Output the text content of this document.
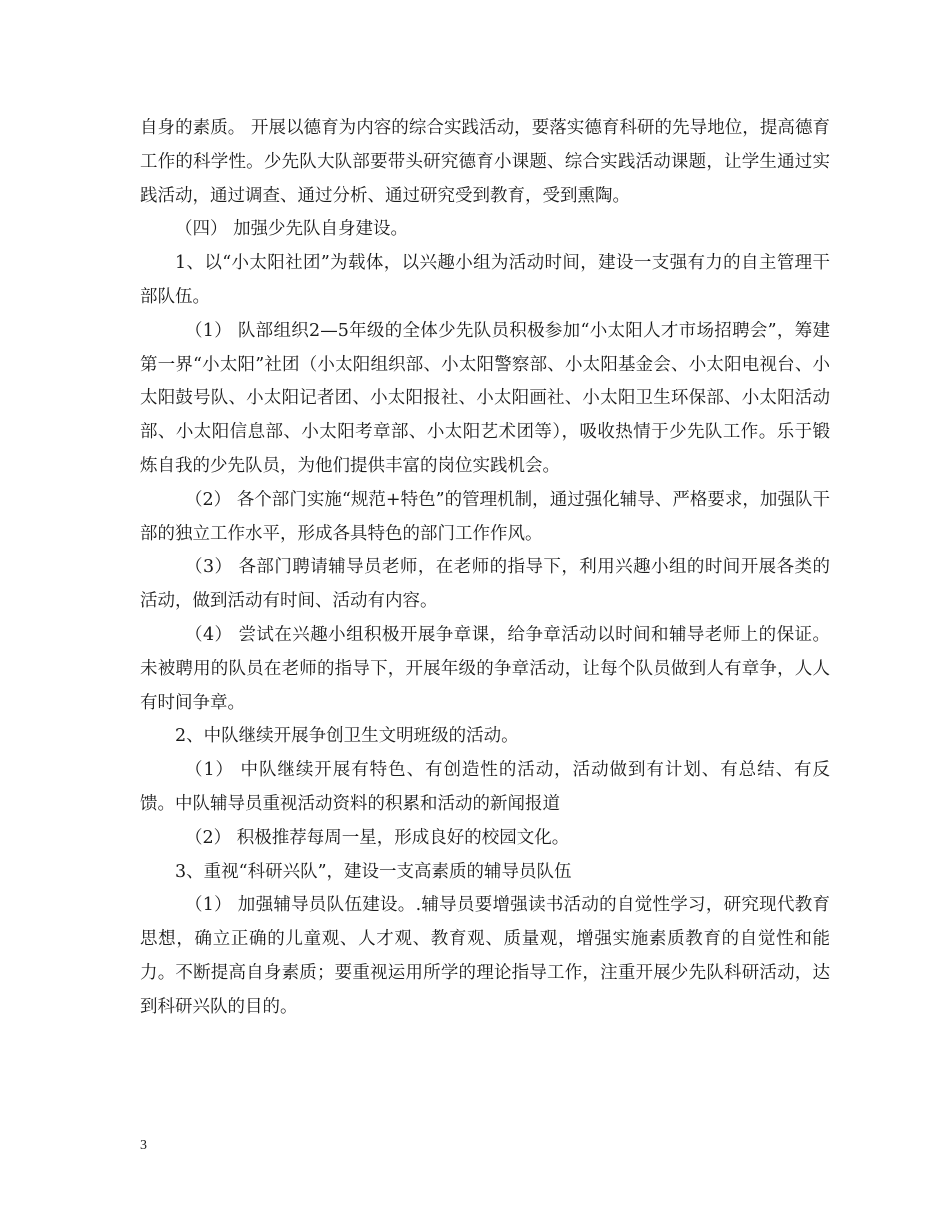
自身的素质。 开展以德育为内容的综合实践活动，要落实德育科研的先导地位，提高德育工作的科学性。少先队大队部要带头研究德育小课题、综合实践活动课题，让学生通过实践活动，通过调查、通过分析、通过研究受到教育，受到熏陶。

（四） 加强少先队自身建设。

1、以“小太阳社团”为载体，以兴趣小组为活动时间，建设一支强有力的自主管理干部队伍。

（1） 队部组织2—5年级的全体少先队员积极参加“小太阳人才市场招聘会”，筹建第一界“小太阳”社团（小太阳组织部、小太阳警察部、小太阳基金会、小太阳电视台、小太阳鼓号队、小太阳记者团、小太阳报社、小太阳画社、小太阳卫生环保部、小太阳活动部、小太阳信息部、小太阳考章部、小太阳艺术团等），吸收热情于少先队工作。乐于锻炼自我的少先队员，为他们提供丰富的岗位实践机会。

（2） 各个部门实施“规范+特色”的管理机制，通过强化辅导、严格要求，加强队干部的独立工作水平，形成各具特色的部门工作作风。

（3） 各部门聘请辅导员老师，在老师的指导下，利用兴趣小组的时间开展各类的活动，做到活动有时间、活动有内容。

（4） 尝试在兴趣小组积极开展争章课，给争章活动以时间和辅导老师上的保证。未被聘用的队员在老师的指导下，开展年级的争章活动，让每个队员做到人有章争，人人有时间争章。

2、中队继续开展争创卫生文明班级的活动。

（1） 中队继续开展有特色、有创造性的活动，活动做到有计划、有总结、有反馈。中队辅导员重视活动资料的积累和活动的新闻报道

（2） 积极推荐每周一星，形成良好的校园文化。

3、重视“科研兴队”，建设一支高素质的辅导员队伍

（1） 加强辅导员队伍建设。.辅导员要增强读书活动的自觉性学习，研究现代教育思想，确立正确的儿童观、人才观、教育观、质量观，增强实施素质教育的自觉性和能力。不断提高自身素质；要重视运用所学的理论指导工作，注重开展少先队科研活动，达到科研兴队的目的。

3
